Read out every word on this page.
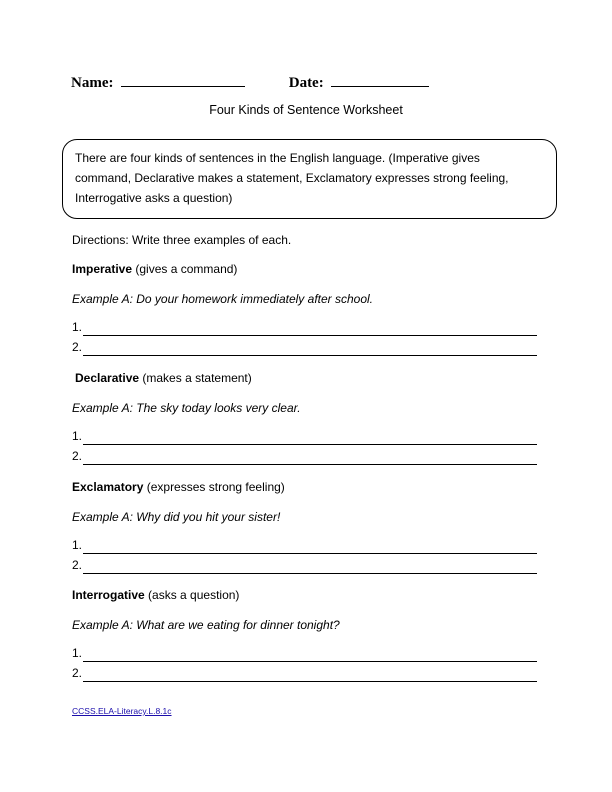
Name:	Date:
Four Kinds of Sentence Worksheet
There are four kinds of sentences in the English language. (Imperative gives
command, Declarative makes a statement, Exclamatory expresses strong feeling,
Interrogative asks a question)
Directions: Write three examples of each.
Imperative (gives a command)
Example A: Do your homework immediately after school.
1.
2.
Declarative (makes a statement)
Example A: The sky today looks very clear.
1.
2.
Exclamatory (expresses strong feeling)
Example A: Why did you hit your sister!
1.
2.
Interrogative (asks a question)
Example A: What are we eating for dinner tonight?
1.
2.
CCSS.ELA-Literacy.L.8.1c
